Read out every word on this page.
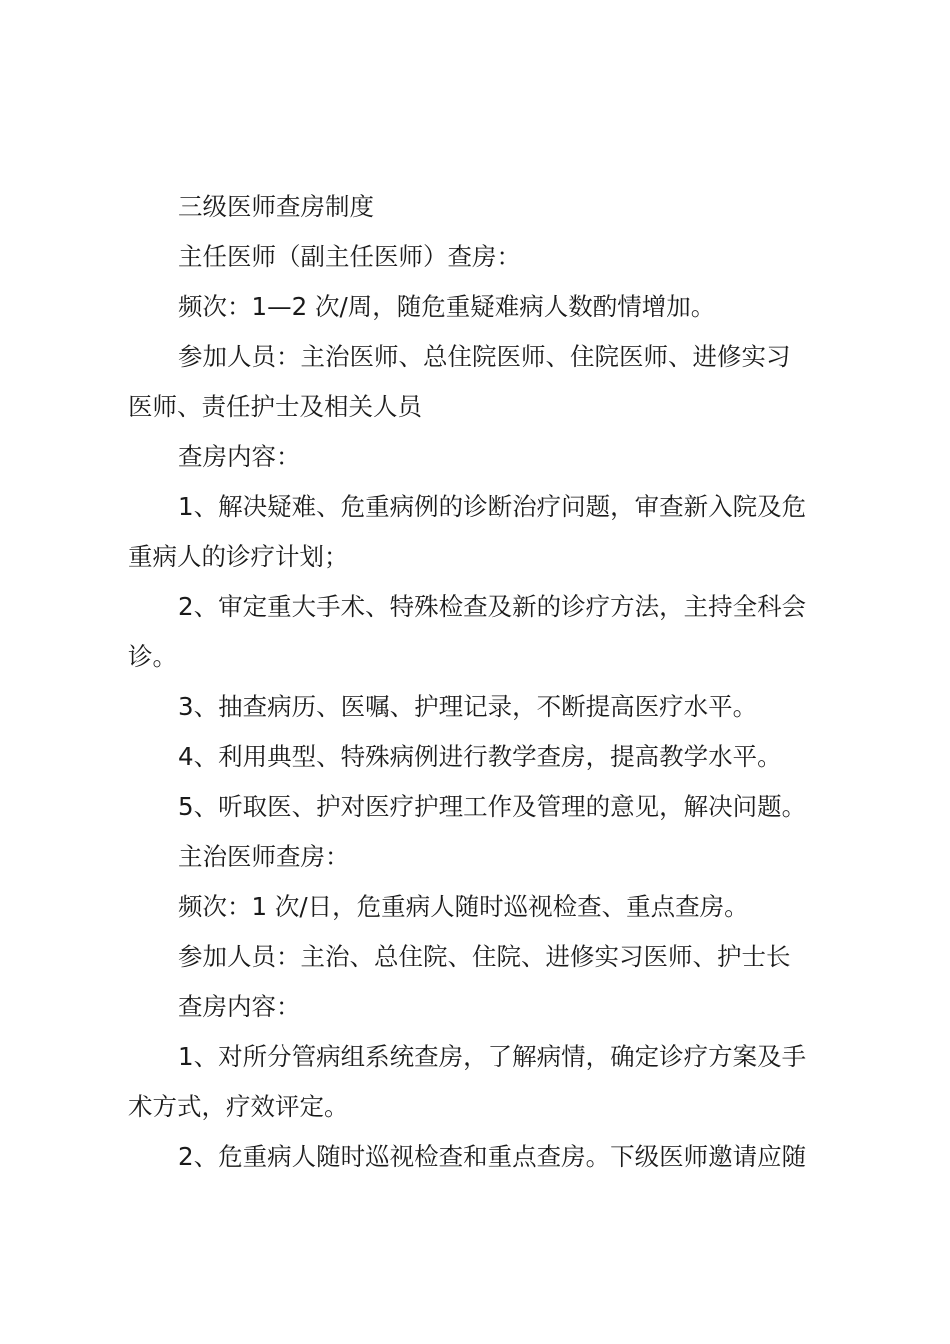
三级医师查房制度

主任医师（副主任医师）查房：

频次：1—2 次/周，随危重疑难病人数酌情增加。

参加人员：主治医师、总住院医师、住院医师、进修实习

医师、责任护士及相关人员

查房内容：

1、解决疑难、危重病例的诊断治疗问题，审查新入院及危

重病人的诊疗计划；

2、审定重大手术、特殊检查及新的诊疗方法，主持全科会

诊。

3、抽查病历、医嘱、护理记录，不断提高医疗水平。

4、利用典型、特殊病例进行教学查房，提高教学水平。

5、听取医、护对医疗护理工作及管理的意见，解决问题。

主治医师查房：

频次：1 次/日，危重病人随时巡视检查、重点查房。

参加人员：主治、总住院、住院、进修实习医师、护士长

查房内容：

1、对所分管病组系统查房，了解病情，确定诊疗方案及手

术方式，疗效评定。

2、危重病人随时巡视检查和重点查房。下级医师邀请应随
